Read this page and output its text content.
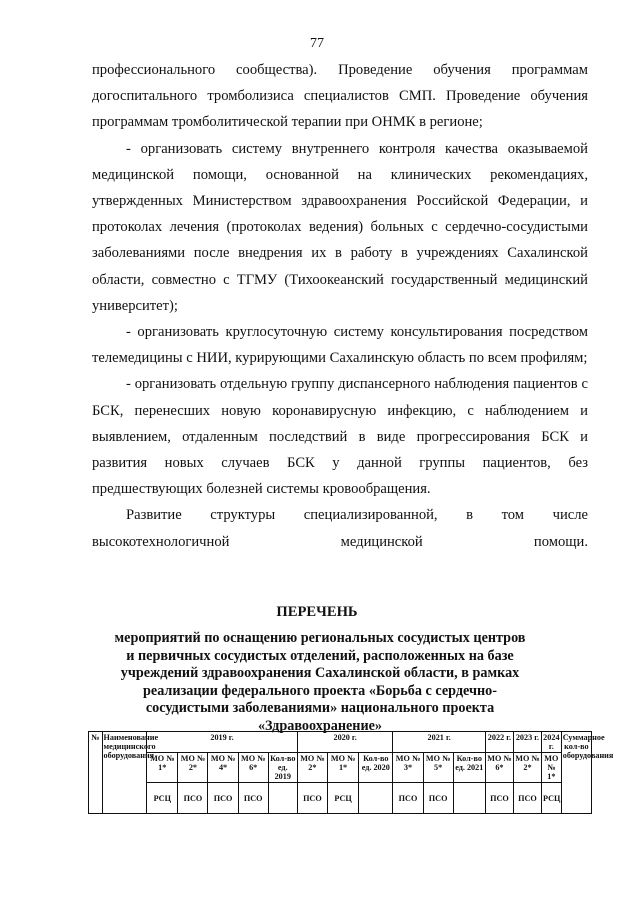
77

профессионального сообщества). Проведение обучения программам догоспитального тромболизиса специалистов СМП. Проведение обучения программам тромболитической терапии при ОНМК в регионе;

- организовать систему внутреннего контроля качества оказываемой медицинской помощи, основанной на клинических рекомендациях, утвержденных Министерством здравоохранения Российской Федерации, и протоколах лечения (протоколах ведения) больных с сердечно-сосудистыми заболеваниями после внедрения их в работу в учреждениях Сахалинской области, совместно с ТГМУ (Тихоокеанский государственный медицинский университет);

- организовать круглосуточную систему консультирования посредством телемедицины с НИИ, курирующими Сахалинскую область по всем профилям;

- организовать отдельную группу диспансерного наблюдения пациентов с БСК, перенесших новую коронавирусную инфекцию, с наблюдением и выявлением, отдаленным последствий в виде прогрессирования БСК и развития новых случаев БСК у данной группы пациентов, без предшествующих болезней системы кровообращения.

Развитие структуры специализированной, в том числе высокотехнологичной медицинской помощи.

ПЕРЕЧЕНЬ
мероприятий по оснащению региональных сосудистых центров и первичных сосудистых отделений, расположенных на базе учреждений здравоохранения Сахалинской области, в рамках реализации федерального проекта «Борьба с сердечно-сосудистыми заболеваниями» национального проекта «Здравоохранение»
№	Наименование медицинского оборудования	2019 г.					2020 г.			2021 г.			2022 г.	2023 г.	2024 г.	Суммарное кол-во оборудования
		МО № 1*	МО № 2*	МО № 4*	МО № 6*	Кол-во ед. 2019	МО № 2*	МО № 1*	Кол-во ед. 2020	МО № 3*	МО № 5*	Кол-во ед. 2021	МО № 6*	МО № 2*	МО № 1*	
		РСЦ	ПСО	ПСО	ПСО		ПСО	РСЦ		ПСО	ПСО		ПСО	ПСО	РСЦ	
